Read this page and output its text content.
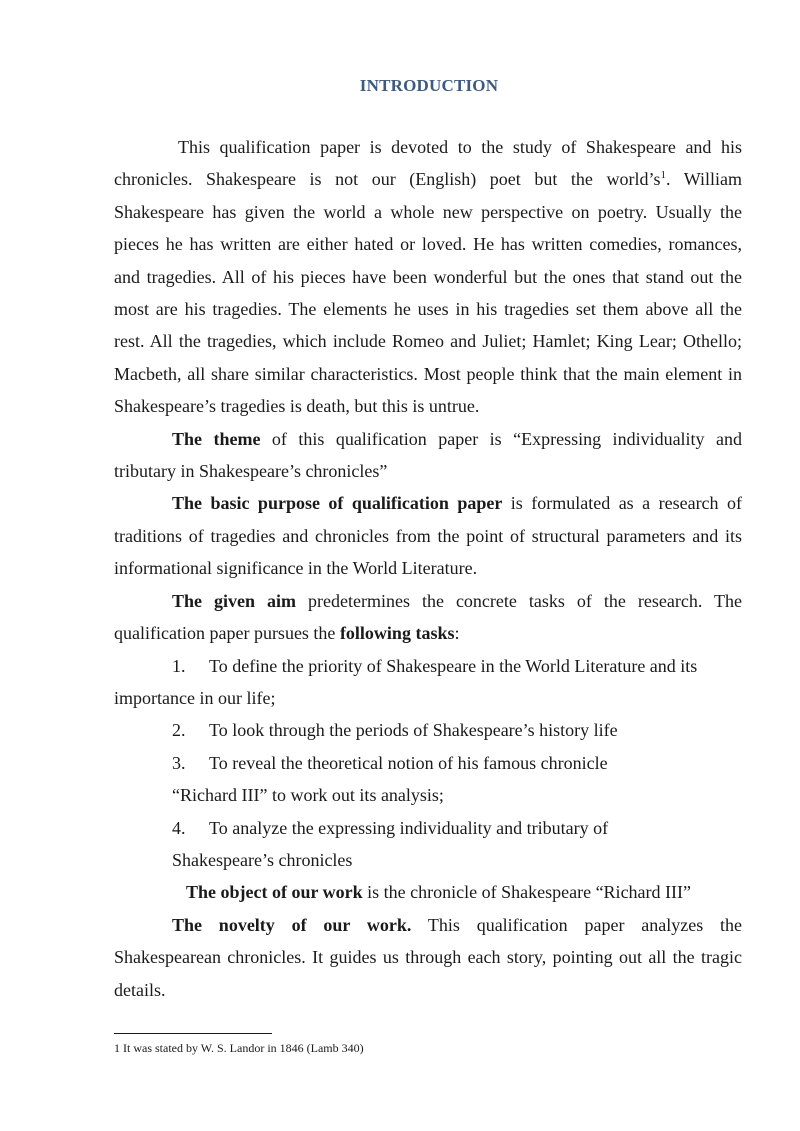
INTRODUCTION

This qualification paper is devoted to the study of Shakespeare and his chronicles. Shakespeare is not our (English) poet but the $world’s^1$. William Shakespeare has given the world a whole new perspective on poetry. Usually the pieces he has written are either hated or loved. He has written comedies, romances, and tragedies. All of his pieces have been wonderful but the ones that stand out the most are his tragedies. The elements he uses in his tragedies set them above all the rest. All the tragedies, which include Romeo and Juliet; Hamlet; King Lear; Othello; Macbeth, all share similar characteristics. Most people think that the main element in Shakespeare’s tragedies is death, but this is untrue.

The theme of this qualification paper is “Expressing individuality and tributary in Shakespeare’s chronicles”

The basic purpose of qualification paper is formulated as a research of traditions of tragedies and chronicles from the point of structural parameters and its informational significance in the World Literature.

The given aim predetermines the concrete tasks of the research. The qualification paper pursues the following tasks:

1. To define the priority of Shakespeare in the World Literature and its

importance in our life;

2. To look through the periods of Shakespeare’s history life

3. To reveal the theoretical notion of his famous chronicle

“Richard III” to work out its analysis;

4. To analyze the expressing individuality and tributary of

Shakespeare’s chronicles

The object of our work is the chronicle of Shakespeare “Richard III”

The novelty of our work. This qualification paper analyzes the Shakespearean chronicles. It guides us through each story, pointing out all the tragic details.

1 It was stated by W. S. Landor in 1846 (Lamb 340)
